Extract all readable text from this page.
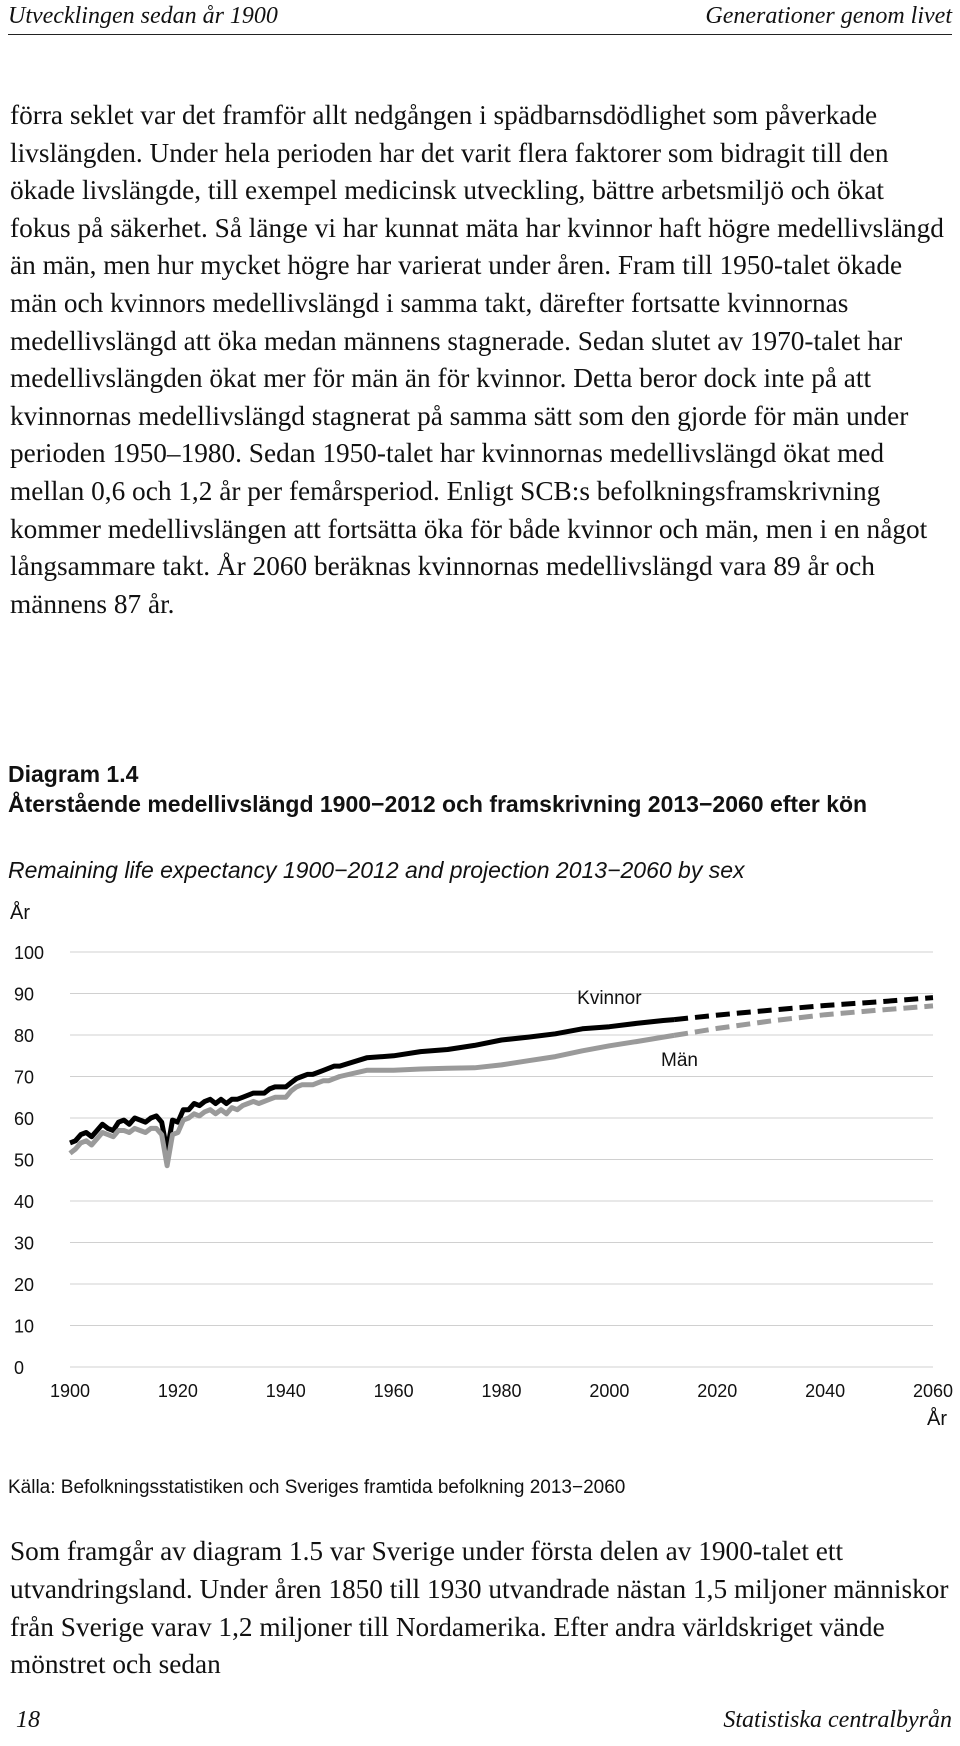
Utvecklingen sedan år 1900	Generationer genom livet

förra seklet var det framför allt nedgången i spädbarnsdödlighet som påverkade livslängden. Under hela perioden har det varit flera faktorer som bidragit till den ökade livslängde, till exempel medicinsk utveckling, bättre arbetsmiljö och ökat fokus på säkerhet. Så länge vi har kunnat mäta har kvinnor haft högre medellivslängd än män, men hur mycket högre har varierat under åren. Fram till 1950-talet ökade män och kvinnors medellivslängd i samma takt, därefter fortsatte kvinnornas medellivslängd att öka medan männens stagnerade. Sedan slutet av 1970-talet har medellivslängden ökat mer för män än för kvinnor. Detta beror dock inte på att kvinnornas medellivslängd stagnerat på samma sätt som den gjorde för män under perioden 1950–1980. Sedan 1950-talet har kvinnornas medellivslängd ökat med mellan 0,6 och 1,2 år per femårsperiod. Enligt SCB:s befolkningsframskrivning kommer medellivslängen att fortsätta öka för både kvinnor och män, men i en något långsammare takt. År 2060 beräknas kvinnornas medellivslängd vara 89 år och männens 87 år.

Diagram 1.4
Återstående medellivslängd 1900−2012 och framskrivning 2013−2060 efter kön
Remaining life expectancy 1900−2012 and projection 2013−2060 by sex
0
10
20
30
40
50
60
70
80
90
100
1900	1920	1940	1960	1980	2000	2020	2040	2060
År
År
Kvinnor
Män
Källa: Befolkningsstatistiken och Sveriges framtida befolkning 2013−2060

Som framgår av diagram 1.5 var Sverige under första delen av 1900-talet ett utvandringsland. Under åren 1850 till 1930 utvandrade nästan 1,5 miljoner människor från Sverige varav 1,2 miljoner till Nordamerika. Efter andra världskriget vände mönstret och sedan

18	Statistiska centralbyrån
